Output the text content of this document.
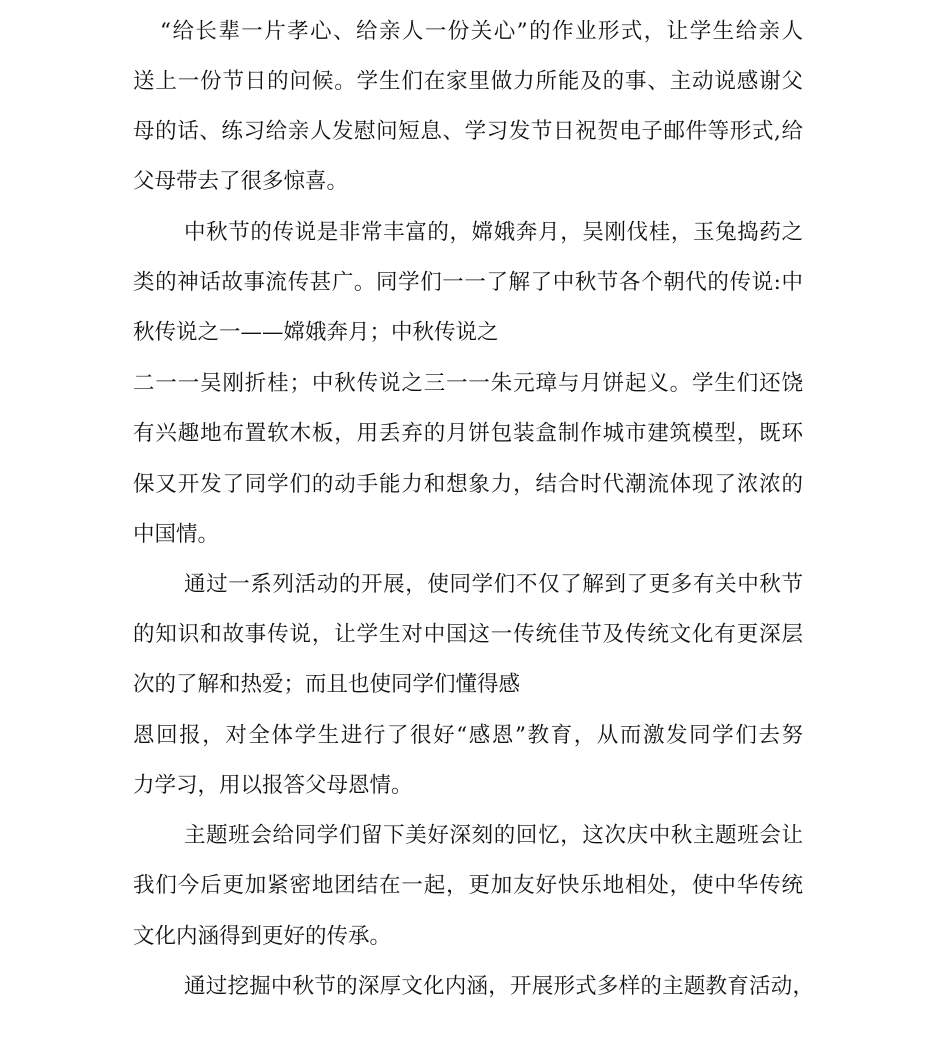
“给长辈一片孝心、给亲人一份关心”的作业形式，让学生给亲人
送上一份节日的问候。学生们在家里做力所能及的事、主动说感谢父
母的话、练习给亲人发慰问短息、学习发节日祝贺电子邮件等形式,给
父母带去了很多惊喜。
中秋节的传说是非常丰富的，嫦娥奔月，吴刚伐桂，玉兔捣药之
类的神话故事流传甚广。同学们一一了解了中秋节各个朝代的传说:中
秋传说之一——嫦娥奔月；中秋传说之
二一一吴刚折桂；中秋传说之三一一朱元璋与月饼起义。学生们还饶
有兴趣地布置软木板，用丢弃的月饼包装盒制作城市建筑模型，既环
保又开发了同学们的动手能力和想象力，结合时代潮流体现了浓浓的
中国情。
通过一系列活动的开展，使同学们不仅了解到了更多有关中秋节
的知识和故事传说，让学生对中国这一传统佳节及传统文化有更深层
次的了解和热爱；而且也使同学们懂得感
恩回报，对全体学生进行了很好“感恩”教育，从而激发同学们去努
力学习，用以报答父母恩情。
主题班会给同学们留下美好深刻的回忆，这次庆中秋主题班会让
我们今后更加紧密地团结在一起，更加友好快乐地相处，使中华传统
文化内涵得到更好的传承。
通过挖掘中秋节的深厚文化内涵，开展形式多样的主题教育活动，
